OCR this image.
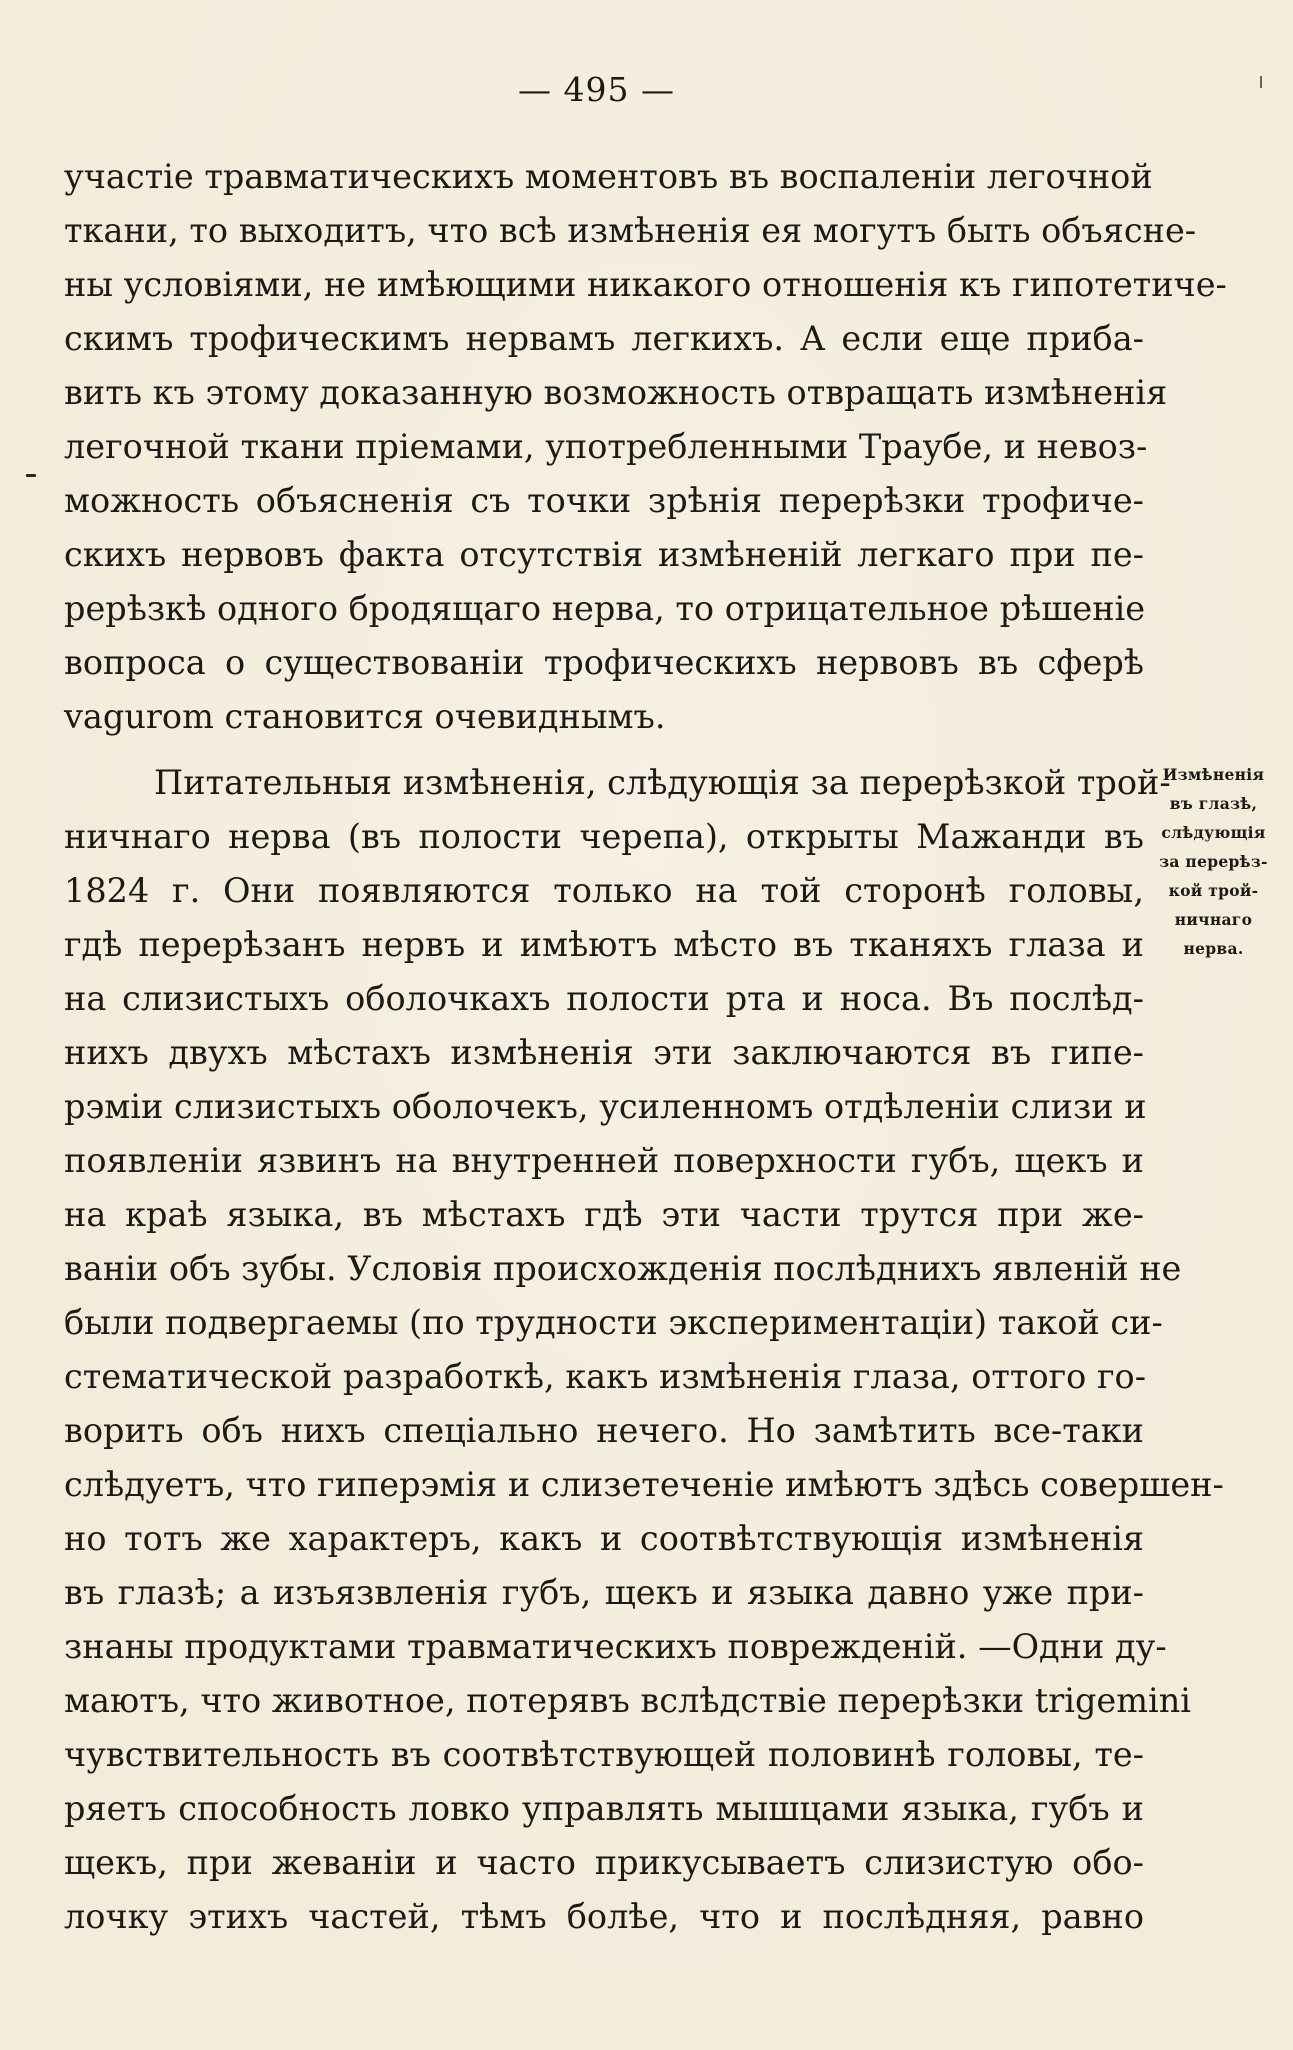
— 495 —
участiе травматическихъ моментовъ въ воспаленiи легочной
ткани, то выходитъ, что всѣ измѣненiя ея могутъ быть объясне-
ны условiями, не имѣющими никакого отношенiя къ гипотетиче-
скимъ трофическимъ нервамъ легкихъ. А если еще приба-
вить къ этому доказанную возможность отвращать измѣненiя
легочной ткани прiемами, употребленными Траубе, и невоз-
можность объясненiя съ точки зрѣнiя перерѣзки трофиче-
скихъ нервовъ факта отсутствiя измѣненiй легкаго при пе-
рерѣзкѣ одного бродящаго нерва, то отрицательное рѣшенiе
вопроса о существованiи трофическихъ нервовъ въ сферѣ
vagurom становится очевиднымъ.
Питательныя измѣненiя, слѣдующiя за перерѣзкой трой-
ничнаго нерва (въ полости черепа), открыты Мажанди въ
1824 г. Они появляются только на той сторонѣ головы,
гдѣ перерѣзанъ нервъ и имѣютъ мѣсто въ тканяхъ глаза и
на слизистыхъ оболочкахъ полости рта и носа. Въ послѣд-
нихъ двухъ мѣстахъ измѣненiя эти заключаются въ гипе-
рэмiи слизистыхъ оболочекъ, усиленномъ отдѣленiи слизи и
появленiи язвинъ на внутренней поверхности губъ, щекъ и
на краѣ языка, въ мѣстахъ гдѣ эти части трутся при же-
ванiи объ зубы. Условiя происхожденiя послѣднихъ явленiй не
были подвергаемы (по трудности экспериментацiи) такой си-
стематической разработкѣ, какъ измѣненiя глаза, оттого го-
ворить объ нихъ спецiально нечего. Но замѣтить все-таки
слѣдуетъ, что гиперэмiя и слизетеченiе имѣютъ здѣсь совершен-
но тотъ же характеръ, какъ и соотвѣтствующiя измѣненiя
въ глазѣ; а изъязвленiя губъ, щекъ и языка давно уже при-
знаны продуктами травматическихъ поврежденiй. —Одни ду-
маютъ, что животное, потерявъ вслѣдствiе перерѣзки trigemini
чувствительность въ соотвѣтствующей половинѣ головы, те-
ряетъ способность ловко управлять мышцами языка, губъ и
щекъ, при жеванiи и часто прикусываетъ слизистую обо-
лочку этихъ частей, тѣмъ болѣе, что и послѣдняя, равно
Измѣненiя
въ глазѣ,
слѣдующiя
за перерѣз-
кой трой-
ничнаго
нерва.
